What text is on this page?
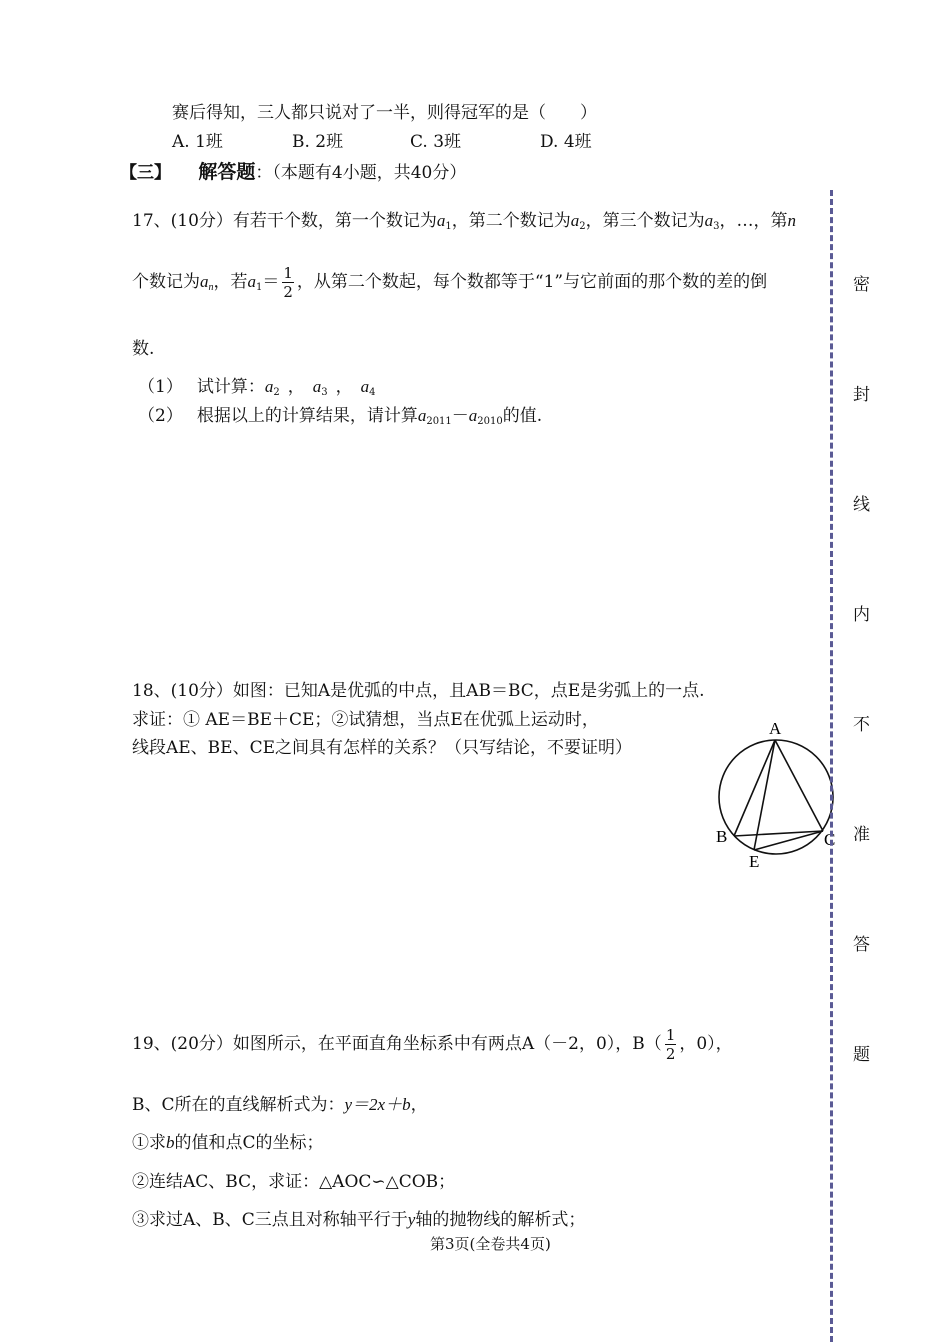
赛后得知，三人都只说对了一半，则得冠军的是（　　）
A. 1班	B. 2班	C. 3班	D. 4班
【三】 解答题：（本题有4小题，共40分）
17、(10分）有若干个数，第一个数记为$a_1$，第二个数记为$a_2$，第三个数记为$a_3$，…，第n
个数记为$a_n$，若$a_1= \frac{1}{2}$ ，从第二个数起，每个数都等于“1”与它前面的那个数的差的倒
数.
（1） 试计算：$a_2$ ， $a_3$ ， $a_4$
（2） 根据以上的计算结果，请计算$a_{2011}-a_{2010}$的值.
18、(10分）如图：已知A是优弧的中点，且AB＝BC，点E是劣弧上的一点.
求证：① AE＝BE＋CE；②试猜想，当点E在优弧上运动时，
线段AE、BE、CE之间具有怎样的关系？（只写结论，不要证明）
A
B	C
E
19、(20分）如图所示，在平面直角坐标系中有两点A（－2，0），$B( \frac{1}{2}$ ，0），
B、C所在的直线解析式为：y＝2x＋b，
①求b的值和点C的坐标；
②连结AC、BC，求证：△AOC∽△COB；
③求过A、B、C三点且对称轴平行于y轴的抛物线的解析式；
第3页(全卷共4页)
密
封
线
内
不
准
答
题
